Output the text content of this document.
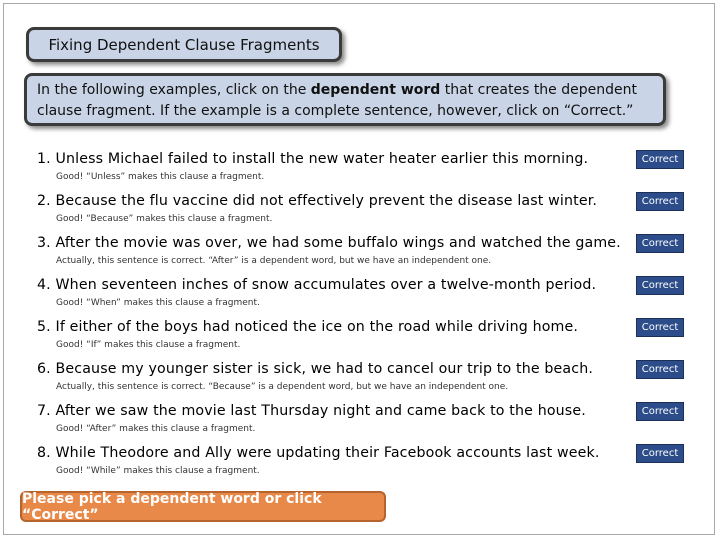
Fixing Dependent Clause Fragments
In the following examples, click on the dependent word that creates the dependent clause fragment. If the example is a complete sentence, however, click on “Correct.”
1. Unless Michael failed to install the new water heater earlier this morning.
Good! “Unless” makes this clause a fragment.
Correct
2. Because the flu vaccine did not effectively prevent the disease last winter.
Good! “Because” makes this clause a fragment.
Correct
3. After the movie was over, we had some buffalo wings and watched the game.
Actually, this sentence is correct. “After” is a dependent word, but we have an independent one.
Correct
4. When seventeen inches of snow accumulates over a twelve-month period.
Good! “When” makes this clause a fragment.
Correct
5. If either of the boys had noticed the ice on the road while driving home.
Good! “If” makes this clause a fragment.
Correct
6. Because my younger sister is sick, we had to cancel our trip to the beach.
Actually, this sentence is correct. “Because” is a dependent word, but we have an independent one.
Correct
7. After we saw the movie last Thursday night and came back to the house.
Good! “After” makes this clause a fragment.
Correct
8. While Theodore and Ally were updating their Facebook accounts last week.
Good! “While” makes this clause a fragment.
Correct
Please pick a dependent word or click “Correct”
